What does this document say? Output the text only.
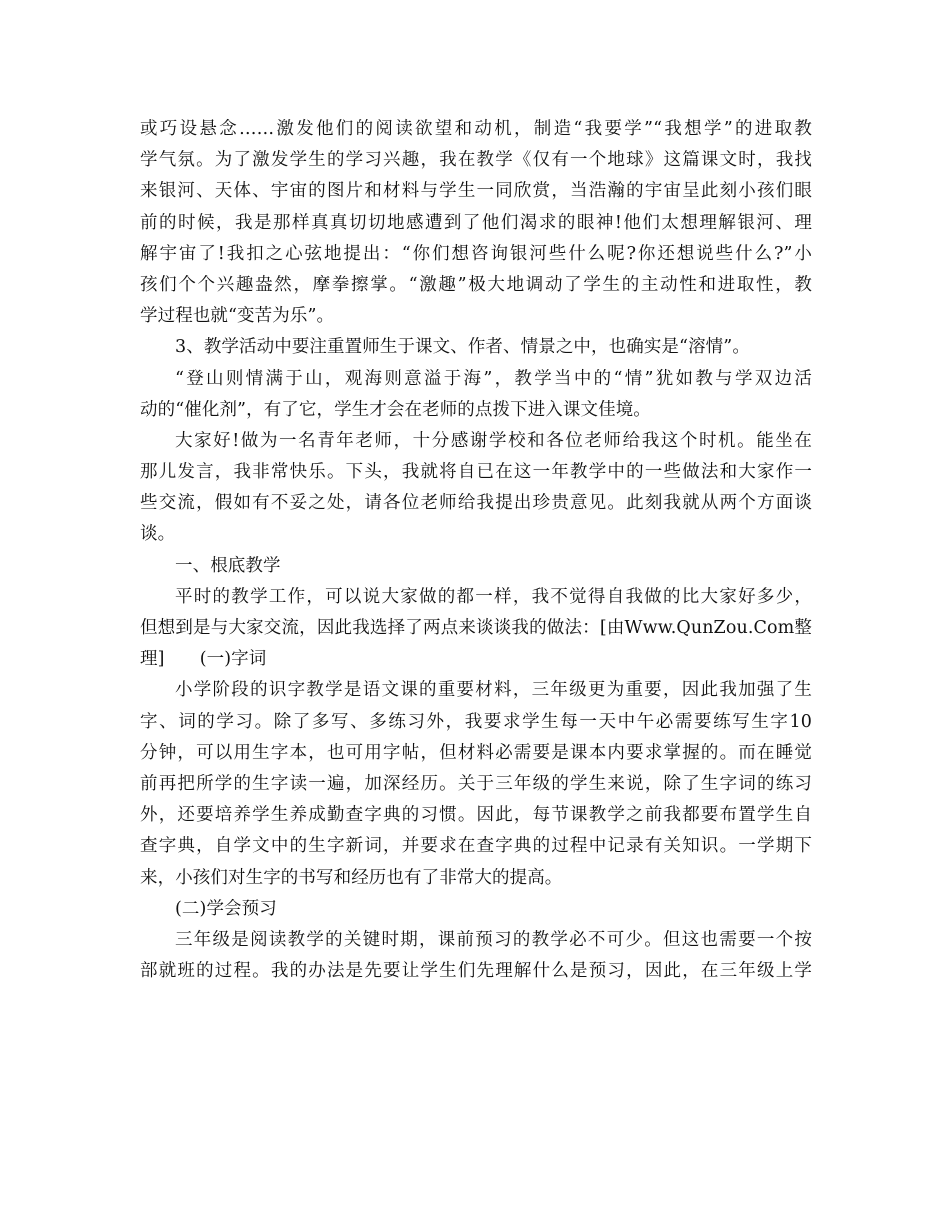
或巧设悬念……激发他们的阅读欲望和动机，制造“我要学”“我想学”的进取教
学气氛。为了激发学生的学习兴趣，我在教学《仅有一个地球》这篇课文时，我找
来银河、天体、宇宙的图片和材料与学生一同欣赏，当浩瀚的宇宙呈此刻小孩们眼
前的时候，我是那样真真切切地感遭到了他们渴求的眼神!他们太想理解银河、理
解宇宙了!我扣之心弦地提出：“你们想咨询银河些什么呢?你还想说些什么?”小
孩们个个兴趣盎然，摩拳擦掌。“激趣”极大地调动了学生的主动性和进取性，教
学过程也就“变苦为乐”。
3、教学活动中要注重置师生于课文、作者、情景之中，也确实是“溶情”。
“登山则情满于山，观海则意溢于海”，教学当中的“情”犹如教与学双边活
动的“催化剂”，有了它，学生才会在老师的点拨下进入课文佳境。
大家好!做为一名青年老师，十分感谢学校和各位老师给我这个时机。能坐在
那儿发言，我非常快乐。下头，我就将自已在这一年教学中的一些做法和大家作一
些交流，假如有不妥之处，请各位老师给我提出珍贵意见。此刻我就从两个方面谈
谈。
一、根底教学
平时的教学工作，可以说大家做的都一样，我不觉得自我做的比大家好多少，
但想到是与大家交流，因此我选择了两点来谈谈我的做法：[由Www.QunZou.Com整
理]　　(一)字词
小学阶段的识字教学是语文课的重要材料，三年级更为重要，因此我加强了生
字、词的学习。除了多写、多练习外，我要求学生每一天中午必需要练写生字10
分钟，可以用生字本，也可用字帖，但材料必需要是课本内要求掌握的。而在睡觉
前再把所学的生字读一遍，加深经历。关于三年级的学生来说，除了生字词的练习
外，还要培养学生养成勤查字典的习惯。因此，每节课教学之前我都要布置学生自
查字典，自学文中的生字新词，并要求在查字典的过程中记录有关知识。一学期下
来，小孩们对生字的书写和经历也有了非常大的提高。
(二)学会预习
三年级是阅读教学的关键时期，课前预习的教学必不可少。但这也需要一个按
部就班的过程。我的办法是先要让学生们先理解什么是预习，因此，在三年级上学
